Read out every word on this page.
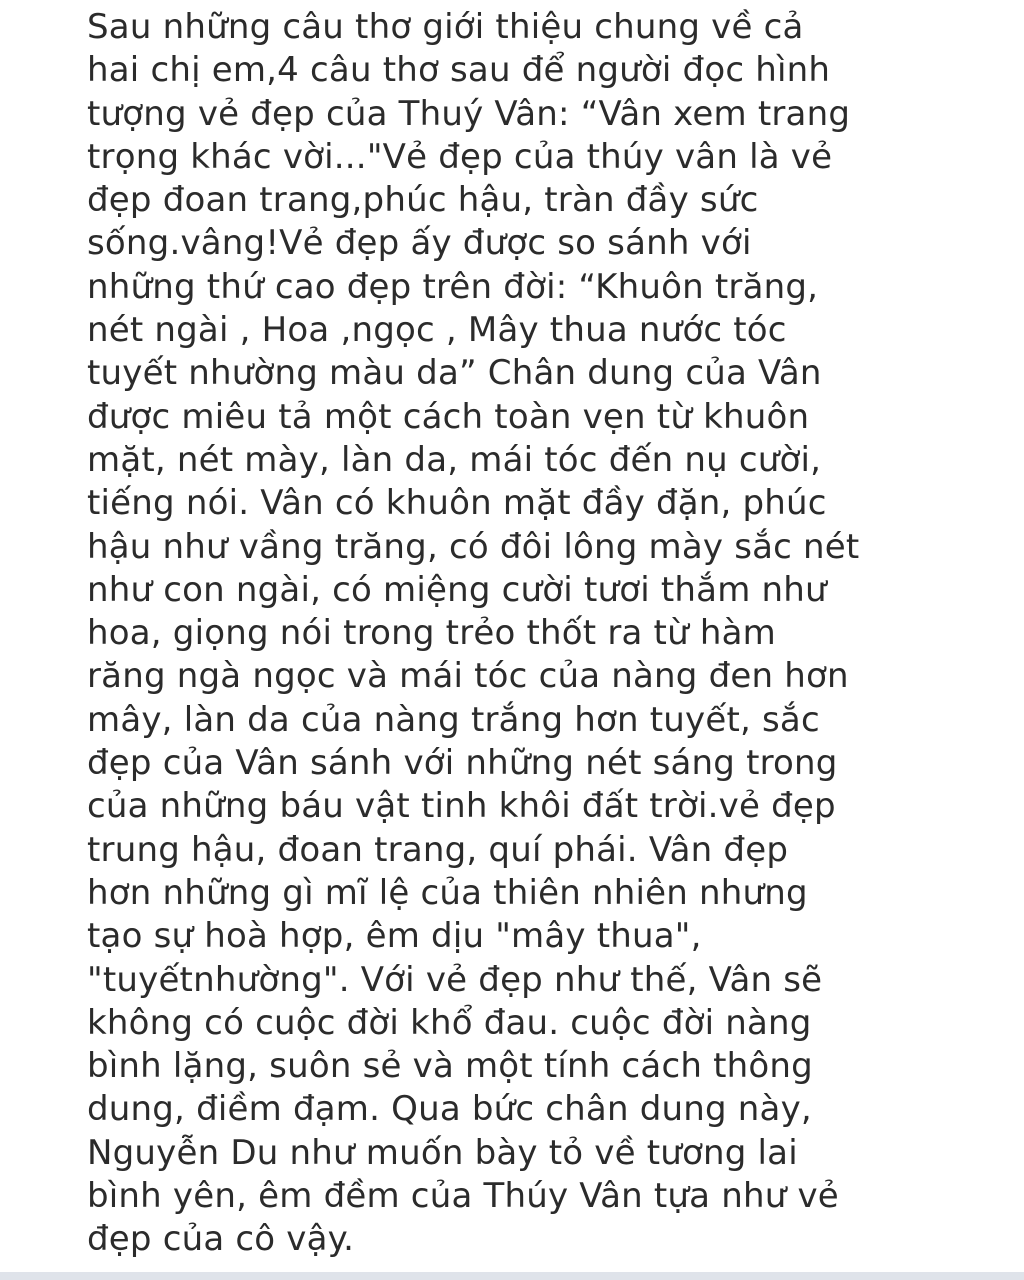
Sau những câu thơ giới thiệu chung về cả
hai chị em,4 câu thơ sau để người đọc hình
tượng vẻ đẹp của Thuý Vân: “Vân xem trang
trọng khác vời..."Vẻ đẹp của thúy vân là vẻ
đẹp đoan trang,phúc hậu, tràn đầy sức
sống.vâng!Vẻ đẹp ấy được so sánh với
những thứ cao đẹp trên đời: “Khuôn trăng,
nét ngài , Hoa ,ngọc , Mây thua nước tóc
tuyết nhường màu da” Chân dung của Vân
được miêu tả một cách toàn vẹn từ khuôn
mặt, nét mày, làn da, mái tóc đến nụ cười,
tiếng nói. Vân có khuôn mặt đầy đặn, phúc
hậu như vầng trăng, có đôi lông mày sắc nét
như con ngài, có miệng cười tươi thắm như
hoa, giọng nói trong trẻo thốt ra từ hàm
răng ngà ngọc và mái tóc của nàng đen hơn
mây, làn da của nàng trắng hơn tuyết, sắc
đẹp của Vân sánh với những nét sáng trong
của những báu vật tinh khôi đất trời.vẻ đẹp
trung hậu, đoan trang, quí phái. Vân đẹp
hơn những gì mĩ lệ của thiên nhiên nhưng
tạo sự hoà hợp, êm dịu "mây thua",
"tuyếtnhường". Với vẻ đẹp như thế, Vân sẽ
không có cuộc đời khổ đau. cuộc đời nàng
bình lặng, suôn sẻ và một tính cách thông
dung, điềm đạm. Qua bức chân dung này,
Nguyễn Du như muốn bày tỏ về tương lai
bình yên, êm đềm của Thúy Vân tựa như vẻ
đẹp của cô vậy.
